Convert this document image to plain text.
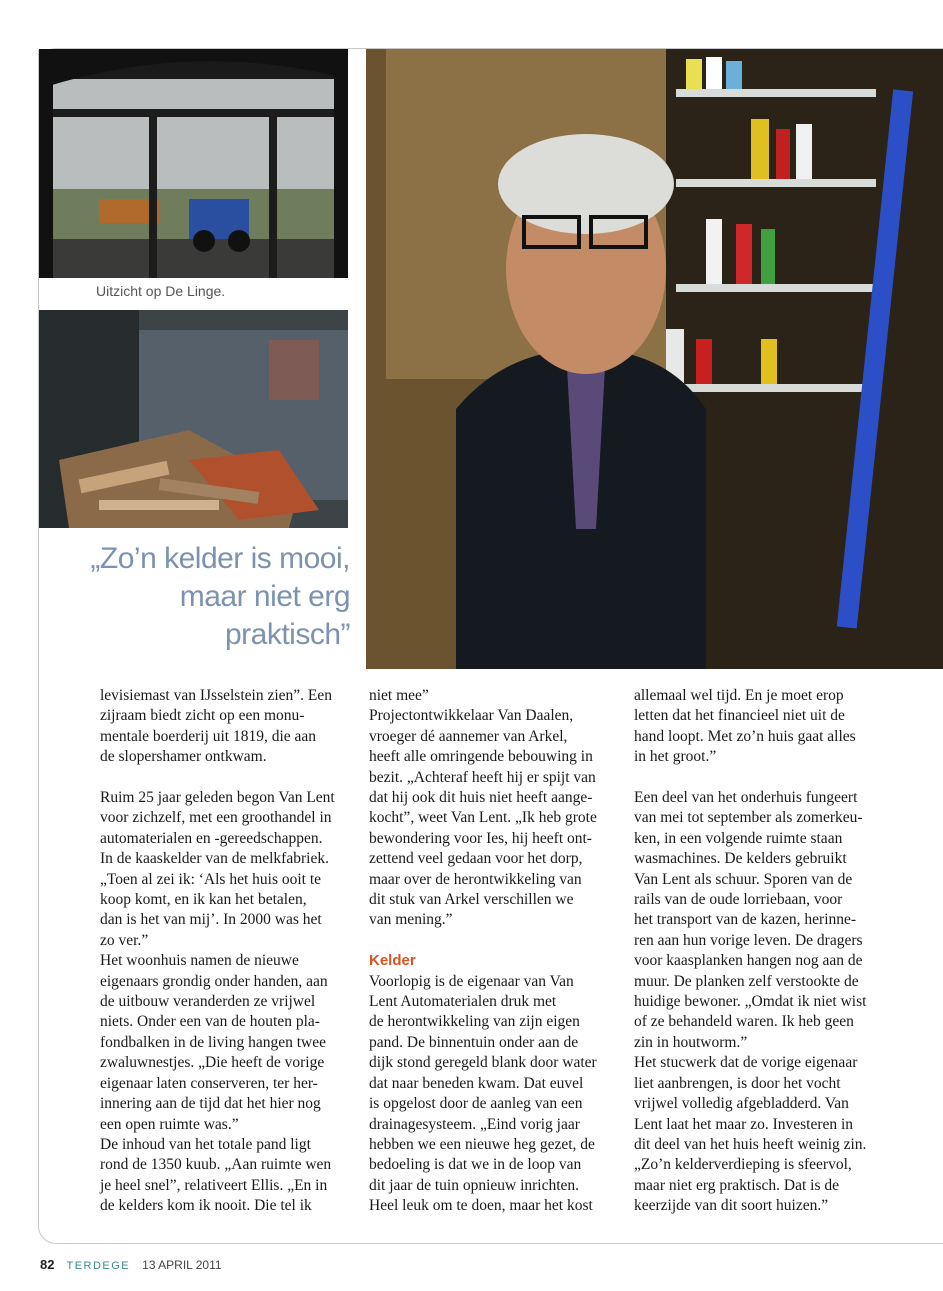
Uitzicht op De Linge.
„Zo’n kelder is mooi, maar niet erg praktisch”

levisiemast van IJsselstein zien”. Een
zijraam biedt zicht op een monu-
mentale boerderij uit 1819, die aan
de slopershamer ontkwam.

Ruim 25 jaar geleden begon Van Lent
voor zichzelf, met een groothandel in
automaterialen en -gereedschappen.
In de kaaskelder van de melkfabriek.
„Toen al zei ik: ‘Als het huis ooit te
koop komt, en ik kan het betalen,
dan is het van mij’. In 2000 was het
zo ver.”

Het woonhuis namen de nieuwe
eigenaars grondig onder handen, aan
de uitbouw veranderden ze vrijwel
niets. Onder een van de houten pla-
fondbalken in de living hangen twee
zwaluwnestjes. „Die heeft de vorige
eigenaar laten conserveren, ter her-
innering aan de tijd dat het hier nog
een open ruimte was.”

De inhoud van het totale pand ligt
rond de 1350 kuub. „Aan ruimte wen
je heel snel”, relativeert Ellis. „En in
de kelders kom ik nooit. Die tel ik

niet mee”

Projectontwikkelaar Van Daalen,
vroeger dé aannemer van Arkel,
heeft alle omringende bebouwing in
bezit. „Achteraf heeft hij er spijt van
dat hij ook dit huis niet heeft aange-
kocht”, weet Van Lent. „Ik heb grote
bewondering voor Ies, hij heeft ont-
zettend veel gedaan voor het dorp,
maar over de herontwikkeling van
dit stuk van Arkel verschillen we
van mening.”

Kelder

Voorlopig is de eigenaar van Van
Lent Automaterialen druk met
de herontwikkeling van zijn eigen
pand. De binnentuin onder aan de
dijk stond geregeld blank door water
dat naar beneden kwam. Dat euvel
is opgelost door de aanleg van een
drainagesysteem. „Eind vorig jaar
hebben we een nieuwe heg gezet, de
bedoeling is dat we in de loop van
dit jaar de tuin opnieuw inrichten.
Heel leuk om te doen, maar het kost

allemaal wel tijd. En je moet erop
letten dat het financieel niet uit de
hand loopt. Met zo’n huis gaat alles
in het groot.”

Een deel van het onderhuis fungeert
van mei tot september als zomerkeu-
ken, in een volgende ruimte staan
wasmachines. De kelders gebruikt
Van Lent als schuur. Sporen van de
rails van de oude lorriebaan, voor
het transport van de kazen, herinne-
ren aan hun vorige leven. De dragers
voor kaasplanken hangen nog aan de
muur. De planken zelf verstookte de
huidige bewoner. „Omdat ik niet wist
of ze behandeld waren. Ik heb geen
zin in houtworm.”

Het stucwerk dat de vorige eigenaar
liet aanbrengen, is door het vocht
vrijwel volledig afgebladderd. Van
Lent laat het maar zo. Investeren in
dit deel van het huis heeft weinig zin.
„Zo’n kelderverdieping is sfeervol,
maar niet erg praktisch. Dat is de
keerzijde van dit soort huizen.”

82 TERDEGE 13 APRIL 2011
